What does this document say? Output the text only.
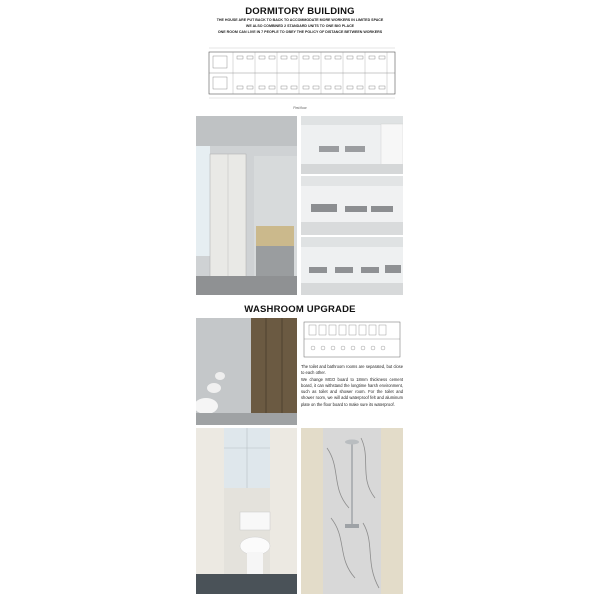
DORMITORY BUILDING
THE HOUSE ARE PUT BACK TO BACK TO ACCOMMODATE MORE WORKERS IN LIMITED SPACE
WE ALSO COMBINED 2 STANDARD UNITS TO ONE BIG PLACE
ONE ROOM CAN LIVE IN 7 PEOPLE TO OBEY THE POLICY OF DISTANCE BETWEEN WORKERS
First floor
WASHROOM UPGRADE

The toilet and bathroom rooms are separated, but close to each other.

We change MGO board to 18mm thickness cement board, it can withstand the longtime harsh environment, such as toilet and shower room. For the toilet and shower room, we will add waterproof felt and aluminum plate on the floor board to make sure its waterproof.
